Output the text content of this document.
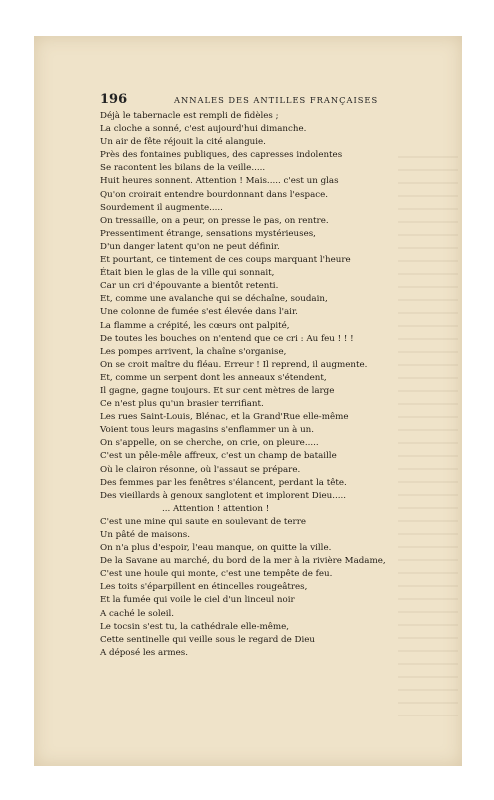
196	ANNALES DES ANTILLES FRANÇAISES
Déjà le tabernacle est rempli de fidèles ;
La cloche a sonné, c'est aujourd'hui dimanche.
Un air de fête réjouit la cité alanguie.
Près des fontaines publiques, des capresses indolentes
Se racontent les bilans de la veille.....
Huit heures sonnent. Attention ! Mais..... c'est un glas
Qu'on croirait entendre bourdonnant dans l'espace.
Sourdement il augmente.....
On tressaille, on a peur, on presse le pas, on rentre.
Pressentiment étrange, sensations mystérieuses,
D'un danger latent qu'on ne peut définir.
Et pourtant, ce tintement de ces coups marquant l'heure
Était bien le glas de la ville qui sonnait,
Car un cri d'épouvante a bientôt retenti.
Et, comme une avalanche qui se déchaîne, soudain,
Une colonne de fumée s'est élevée dans l'air.
La flamme a crépité, les cœurs ont palpité,
De toutes les bouches on n'entend que ce cri : Au feu ! ! !
Les pompes arrivent, la chaîne s'organise,
On se croit maître du fléau. Erreur ! Il reprend, il augmente.
Et, comme un serpent dont les anneaux s'étendent,
Il gagne, gagne toujours. Et sur cent mètres de large
Ce n'est plus qu'un brasier terrifiant.
Les rues Saint-Louis, Blénac, et la Grand'Rue elle-même
Voient tous leurs magasins s'enflammer un à un.
On s'appelle, on se cherche, on crie, on pleure.....
C'est un pêle-mêle affreux, c'est un champ de bataille
Où le clairon résonne, où l'assaut se prépare.
Des femmes par les fenêtres s'élancent, perdant la tête.
Des vieillards à genoux sanglotent et implorent Dieu.....
... Attention ! attention !
C'est une mine qui saute en soulevant de terre
Un pâté de maisons.
On n'a plus d'espoir, l'eau manque, on quitte la ville.
De la Savane au marché, du bord de la mer à la rivière Madame,
C'est une houle qui monte, c'est une tempête de feu.
Les toits s'éparpillent en étincelles rougeâtres,
Et la fumée qui voile le ciel d'un linceul noir
A caché le soleil.
Le tocsin s'est tu, la cathédrale elle-même,
Cette sentinelle qui veille sous le regard de Dieu
A déposé les armes.
